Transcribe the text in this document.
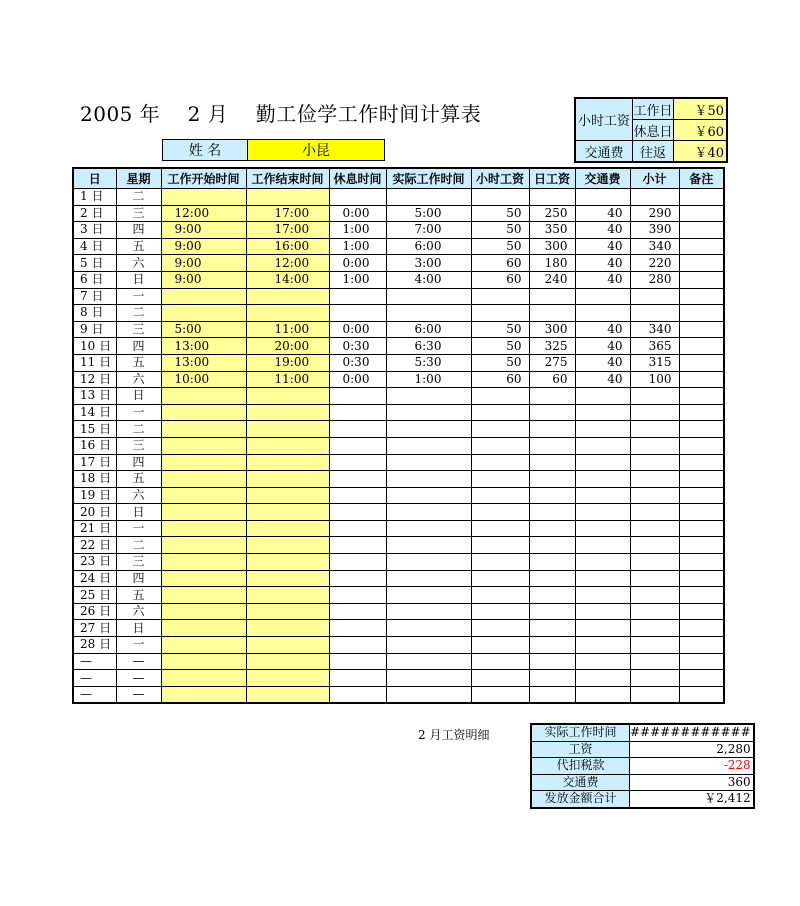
2005 年    2 月    勤工俭学工作时间计算表
姓 名	小昆
小时工资	工作日	￥50
	休息日	￥60
交通费	往返	￥40
日	星期	工作开始时间	工作结束时间	休息时间	实际工作时间	小时工资	日工资	交通费	小计	备注
1 日	二									
2 日	三	12:00	17:00	0:00	5:00	50	250	40	290	
3 日	四	9:00	17:00	1:00	7:00	50	350	40	390	
4 日	五	9:00	16:00	1:00	6:00	50	300	40	340	
5 日	六	9:00	12:00	0:00	3:00	60	180	40	220	
6 日	日	9:00	14:00	1:00	4:00	60	240	40	280	
7 日	一									
8 日	二									
9 日	三	5:00	11:00	0:00	6:00	50	300	40	340	
10 日	四	13:00	20:00	0:30	6:30	50	325	40	365	
11 日	五	13:00	19:00	0:30	5:30	50	275	40	315	
12 日	六	10:00	11:00	0:00	1:00	60	60	40	100	
13 日	日									
14 日	一									
15 日	二									
16 日	三									
17 日	四									
18 日	五									
19 日	六									
20 日	日									
21 日	一									
22 日	二									
23 日	三									
24 日	四									
25 日	五									
26 日	六									
27 日	日									
28 日	一									
—	—									
—	—									
—	—									
2 月工资明细	实际工作时间	############
工资	2,280
代扣税款	-228
交通费	360
发放金额合计	￥2,412
